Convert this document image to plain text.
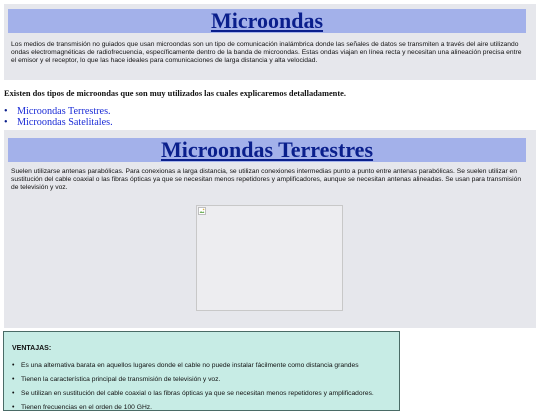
Microondas

Los medios de transmisión no guiados que usan microondas son un tipo de comunicación inalámbrica donde las señales de datos se transmiten a través del aire utilizando ondas electromagnéticas de radiofrecuencia, específicamente dentro de la banda de microondas. Estas ondas viajan en línea recta y necesitan una alineación precisa entre el emisor y el receptor, lo que las hace ideales para comunicaciones de larga distancia y alta velocidad.

Existen dos tipos de microondas que son muy utilizados las cuales explicaremos detalladamente.

• Microondas Terrestres.
• Microondas Satelitales.
Microondas Terrestres

Suelen utilizarse antenas parabólicas. Para conexionas a larga distancia, se utilizan conexiones intermedias punto a punto entre antenas parabólicas. Se suelen utilizar en sustitución del cable coaxial o las fibras ópticas ya que se necesitan menos repetidores y amplificadores, aunque se necesitan antenas alineadas. Se usan para transmisión de televisión y voz.

VENTAJAS:

• Es una alternativa barata en aquellos lugares donde el cable no puede instalar fácilmente como distancia grandes
• Tienen la característica principal de transmisión de televisión y voz.
• Se utilizan en sustitución del cable coaxial o las fibras ópticas ya que se necesitan menos repetidores y amplificadores.
• Tienen frecuencias en el orden de 100 GHz.
